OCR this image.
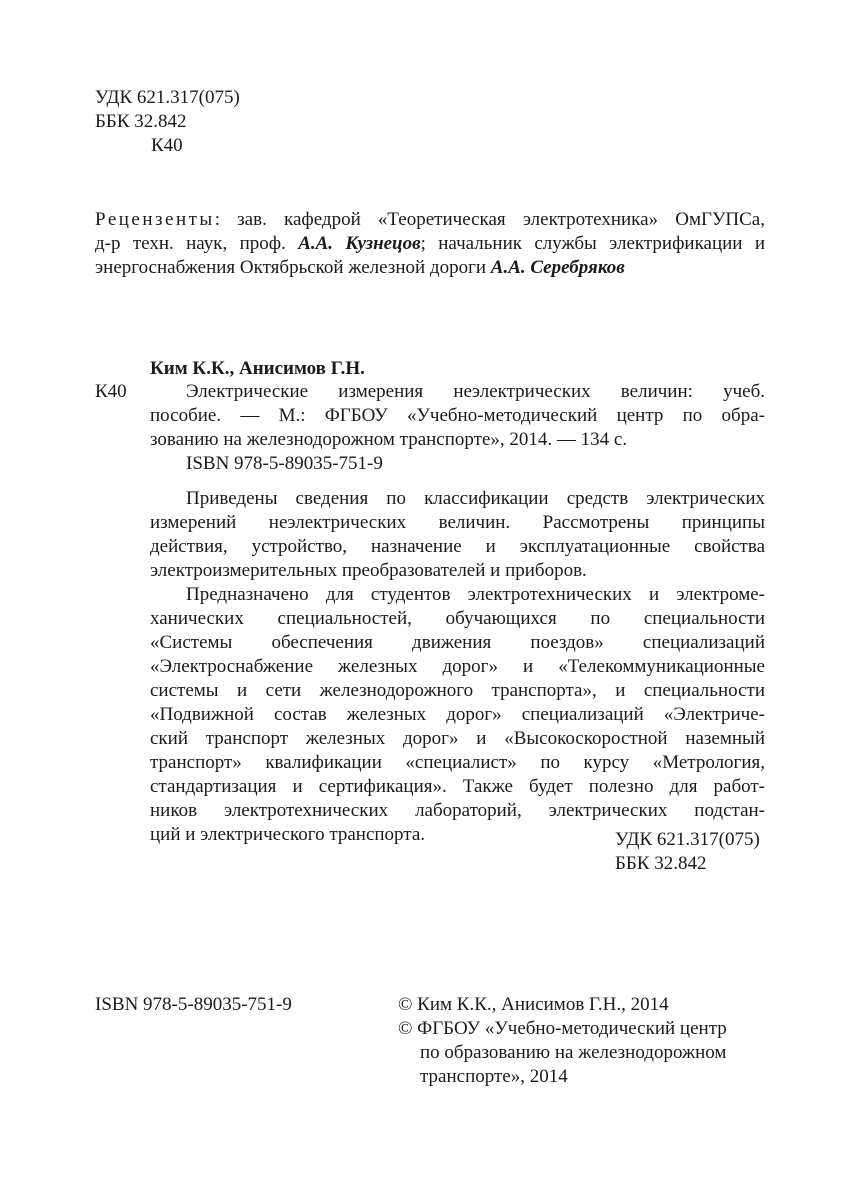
УДК 621.317(075)
ББК 32.842
К40
Рецензенты: зав. кафедрой «Теоретическая электротехника» ОмГУПСа,
д-р техн. наук, проф. А.А. Кузнецов; начальник службы электрификации и
энергоснабжения Октябрьской железной дороги А.А. Серебряков
Ким К.К., Анисимов Г.Н.
К40	Электрические измерения неэлектрических величин: учеб.
пособие. — М.: ФГБОУ «Учебно-методический центр по обра-
зованию на железнодорожном транспорте», 2014. — 134 с.
ISBN 978-5-89035-751-9

Приведены сведения по классификации средств электрических
измерений неэлектрических величин. Рассмотрены принципы
действия, устройство, назначение и эксплуатационные свойства
электроизмерительных преобразователей и приборов.

Предназначено для студентов электротехнических и электроме-
ханических специальностей, обучающихся по специальности
«Системы обеспечения движения поездов» специализаций
«Электроснабжение железных дорог» и «Телекоммуникационные
системы и сети железнодорожного транспорта», и специальности
«Подвижной состав железных дорог» специализаций «Электриче-
ский транспорт железных дорог» и «Высокоскоростной наземный
транспорт» квалификации «специалист» по курсу «Метрология,
стандартизация и сертификация». Также будет полезно для работ-
ников электротехнических лабораторий, электрических подстан-
ций и электрического транспорта.	УДК 621.317(075)
ББК 32.842
ISBN 978-5-89035-751-9	© Ким К.К., Анисимов Г.Н., 2014
© ФГБОУ «Учебно-методический центр
по образованию на железнодорожном
транспорте», 2014
